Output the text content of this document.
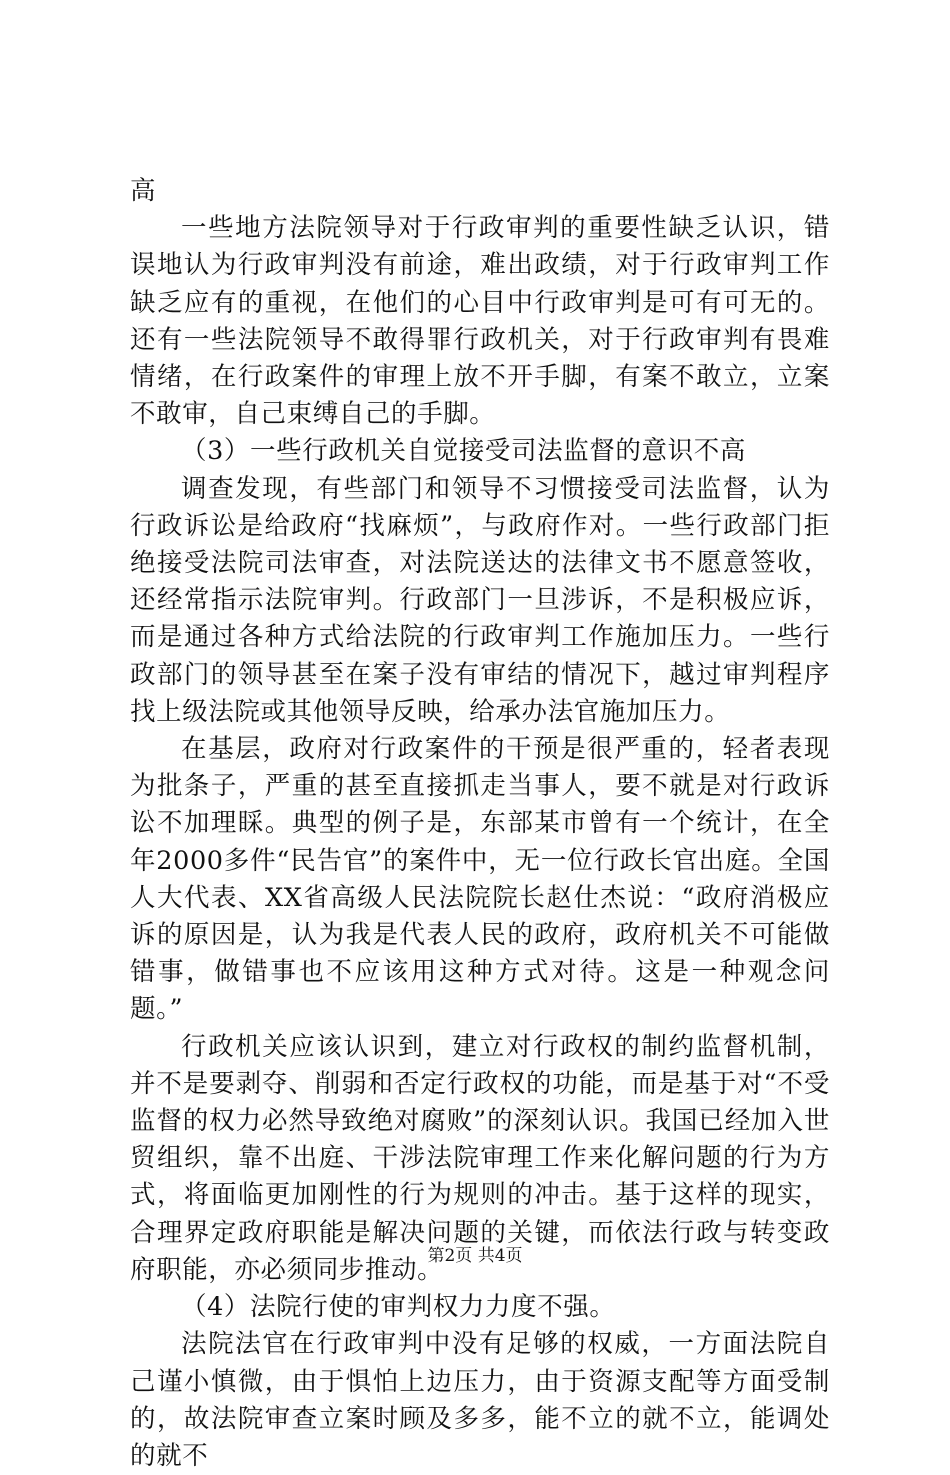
高

一些地方法院领导对于行政审判的重要性缺乏认识，错误地认为行政审判没有前途，难出政绩，对于行政审判工作缺乏应有的重视，在他们的心目中行政审判是可有可无的。还有一些法院领导不敢得罪行政机关，对于行政审判有畏难情绪，在行政案件的审理上放不开手脚，有案不敢立，立案不敢审，自己束缚自己的手脚。

（3）一些行政机关自觉接受司法监督的意识不高

调查发现，有些部门和领导不习惯接受司法监督，认为行政诉讼是给政府“找麻烦”，与政府作对。一些行政部门拒绝接受法院司法审查，对法院送达的法律文书不愿意签收，还经常指示法院审判。行政部门一旦涉诉，不是积极应诉，而是通过各种方式给法院的行政审判工作施加压力。一些行政部门的领导甚至在案子没有审结的情况下，越过审判程序找上级法院或其他领导反映，给承办法官施加压力。

在基层，政府对行政案件的干预是很严重的，轻者表现为批条子，严重的甚至直接抓走当事人，要不就是对行政诉讼不加理睬。典型的例子是，东部某市曾有一个统计，在全年2000多件“民告官”的案件中，无一位行政长官出庭。全国人大代表、XX省高级人民法院院长赵仕杰说：“政府消极应诉的原因是，认为我是代表人民的政府，政府机关不可能做错事，做错事也不应该用这种方式对待。这是一种观念问题。”

行政机关应该认识到，建立对行政权的制约监督机制，并不是要剥夺、削弱和否定行政权的功能，而是基于对“不受监督的权力必然导致绝对腐败”的深刻认识。我国已经加入世贸组织，靠不出庭、干涉法院审理工作来化解问题的行为方式，将面临更加刚性的行为规则的冲击。基于这样的现实，合理界定政府职能是解决问题的关键，而依法行政与转变政府职能，亦必须同步推动。

（4）法院行使的审判权力力度不强。

法院法官在行政审判中没有足够的权威，一方面法院自己谨小慎微，由于惧怕上边压力，由于资源支配等方面受制的，故法院审查立案时顾及多多，能不立的就不立，能调处的就不

第2页 共4页
